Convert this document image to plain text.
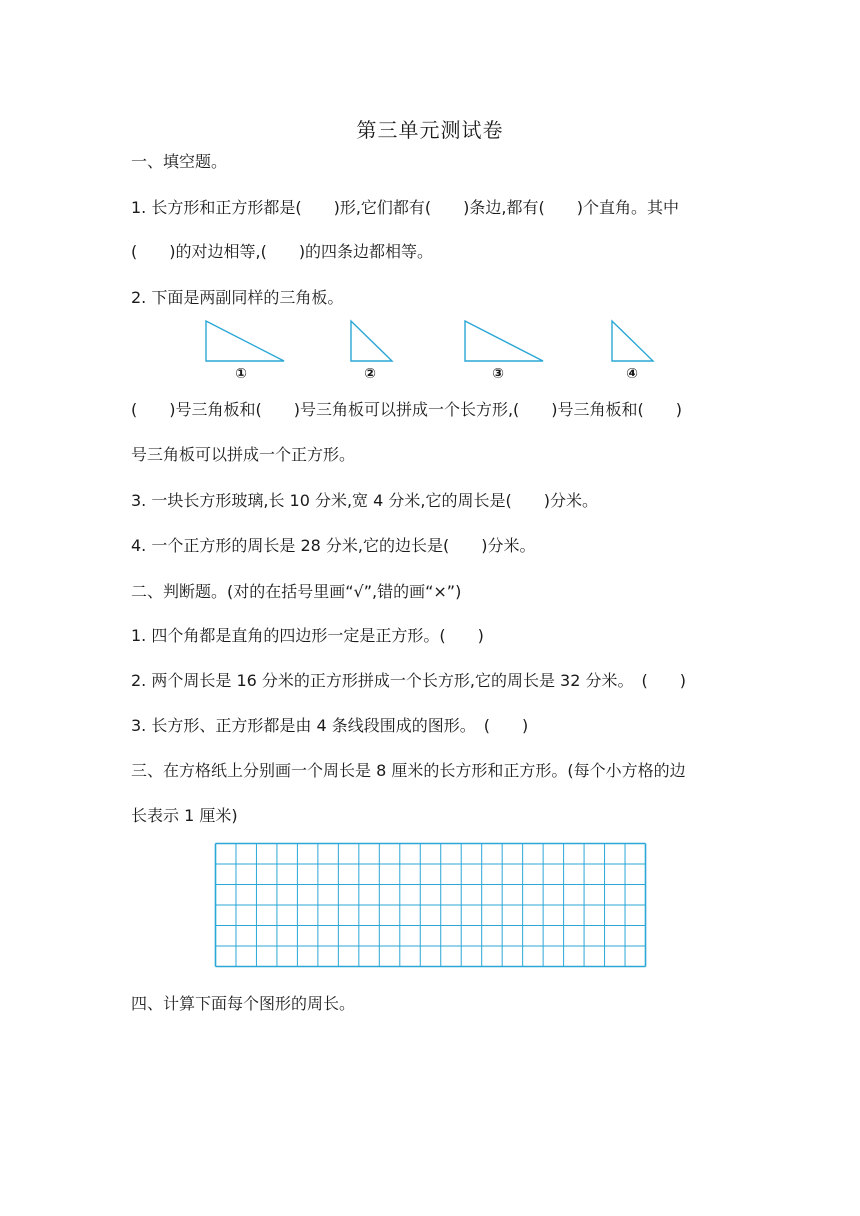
第三单元测试卷
一、填空题。
1. 长方形和正方形都是(　　)形,它们都有(　　)条边,都有(　　)个直角。其中
(　　)的对边相等,(　　)的四条边都相等。
2. 下面是两副同样的三角板。
①	②	③	④
(　　)号三角板和(　　)号三角板可以拼成一个长方形,(　　)号三角板和(　　)
号三角板可以拼成一个正方形。
3. 一块长方形玻璃,长 10 分米,宽 4 分米,它的周长是(　　)分米。
4. 一个正方形的周长是 28 分米,它的边长是(　　)分米。
二、判断题。(对的在括号里画“√”,错的画“×”)
1. 四个角都是直角的四边形一定是正方形。(　　)
2. 两个周长是 16 分米的正方形拼成一个长方形,它的周长是 32 分米。　(　　)
3. 长方形、正方形都是由 4 条线段围成的图形。　(　　)
三、在方格纸上分别画一个周长是 8 厘米的长方形和正方形。(每个小方格的边
长表示 1 厘米)
四、计算下面每个图形的周长。
